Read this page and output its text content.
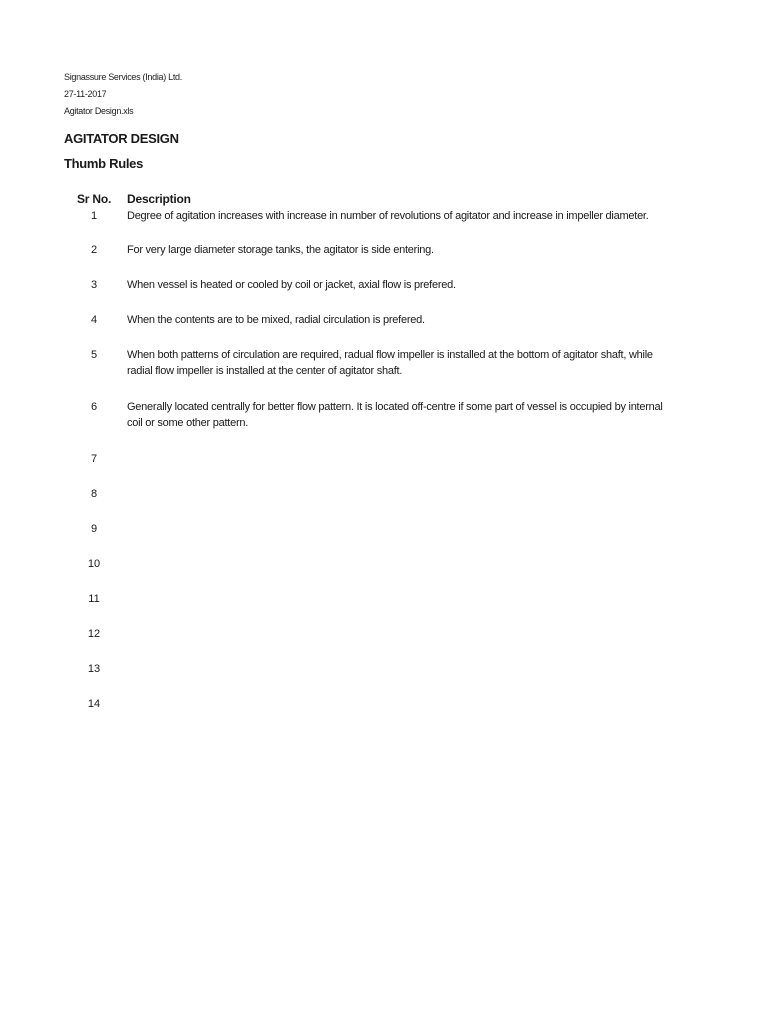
Signassure Services (India) Ltd.
27-11-2017
Agitator Design.xls
AGITATOR DESIGN
Thumb Rules
Sr No. Description
1	Degree of agitation increases with increase in number of revolutions of agitator and increase in impeller diameter.
2	For very large diameter storage tanks, the agitator is side entering.
3	When vessel is heated or cooled by coil or jacket, axial flow is prefered.
4	When the contents are to be mixed, radial circulation is prefered.
5	When both patterns of circulation are required, radual flow impeller is installed at the bottom of agitator shaft, while
radial flow impeller is installed at the center of agitator shaft.
6	Generally located centrally for better flow pattern. It is located off-centre if some part of vessel is occupied by internal
coil or some other pattern.
7
8
9
10
11
12
13
14
